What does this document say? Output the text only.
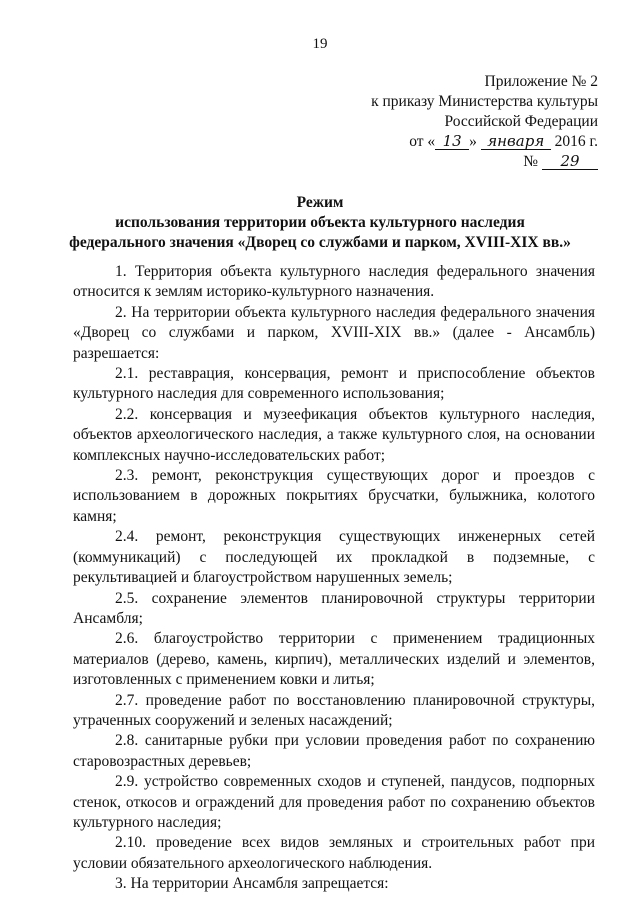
19
Приложение № 2
к приказу Министерства культуры
Российской Федерации
от « 13 » января 2016 г.
№ 29
Режим
использования территории объекта культурного наследия
федерального значения «Дворец со службами и парком, XVIII-XIX вв.»

1. Территория объекта культурного наследия федерального значения относится к землям историко-культурного назначения.

2. На территории объекта культурного наследия федерального значения «Дворец со службами и парком, XVIII-XIX вв.» (далее - Ансамбль) разрешается:

2.1. реставрация, консервация, ремонт и приспособление объектов культурного наследия для современного использования;

2.2. консервация и музеефикация объектов культурного наследия, объектов археологического наследия, а также культурного слоя, на основании комплексных научно-исследовательских работ;

2.3. ремонт, реконструкция существующих дорог и проездов с использованием в дорожных покрытиях брусчатки, булыжника, колотого камня;

2.4. ремонт, реконструкция существующих инженерных сетей (коммуникаций) с последующей их прокладкой в подземные, с рекультивацией и благоустройством нарушенных земель;

2.5. сохранение элементов планировочной структуры территории Ансамбля;

2.6. благоустройство территории с применением традиционных материалов (дерево, камень, кирпич), металлических изделий и элементов, изготовленных с применением ковки и литья;

2.7. проведение работ по восстановлению планировочной структуры, утраченных сооружений и зеленых насаждений;

2.8. санитарные рубки при условии проведения работ по сохранению старовозрастных деревьев;

2.9. устройство современных сходов и ступеней, пандусов, подпорных стенок, откосов и ограждений для проведения работ по сохранению объектов культурного наследия;

2.10. проведение всех видов земляных и строительных работ при условии обязательного археологического наблюдения.

3. На территории Ансамбля запрещается:
